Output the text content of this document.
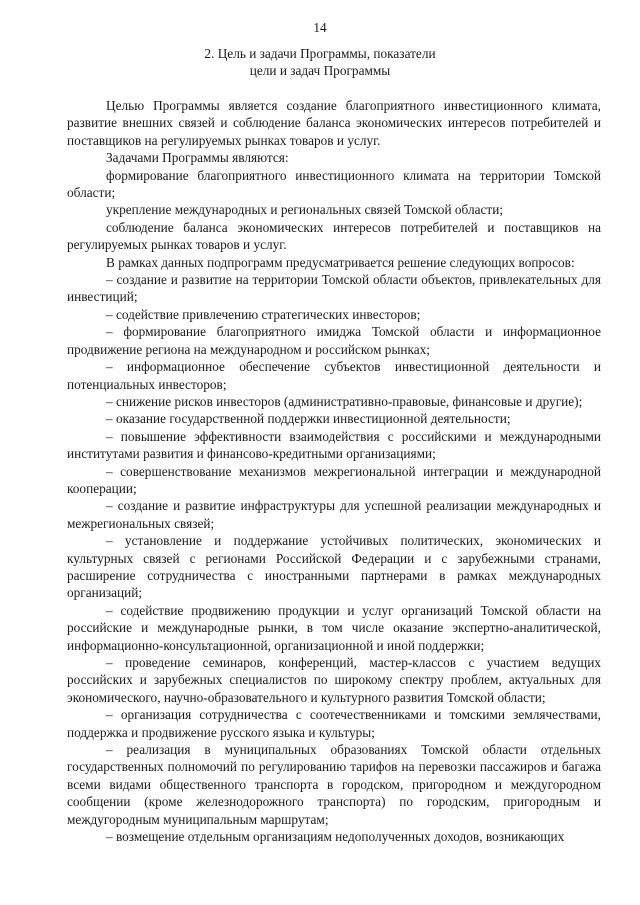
14
2. Цель и задачи Программы, показатели
цели и задач Программы

Целью Программы является создание благоприятного инвестиционного климата, развитие внешних связей и соблюдение баланса экономических интересов потребителей и поставщиков на регулируемых рынках товаров и услуг.

Задачами Программы являются:

формирование благоприятного инвестиционного климата на территории Томской области;

укрепление международных и региональных связей Томской области;

соблюдение баланса экономических интересов потребителей и поставщиков на регулируемых рынках товаров и услуг.

В рамках данных подпрограмм предусматривается решение следующих вопросов:

– создание и развитие на территории Томской области объектов, привлекательных для инвестиций;

– содействие привлечению стратегических инвесторов;

– формирование благоприятного имиджа Томской области и информационное продвижение региона на международном и российском рынках;

– информационное обеспечение субъектов инвестиционной деятельности и потенциальных инвесторов;

– снижение рисков инвесторов (административно-правовые, финансовые и другие);

– оказание государственной поддержки инвестиционной деятельности;

– повышение эффективности взаимодействия с российскими и международными институтами развития и финансово-кредитными организациями;

– совершенствование механизмов межрегиональной интеграции и международной кооперации;

– создание и развитие инфраструктуры для успешной реализации международных и межрегиональных связей;

– установление и поддержание устойчивых политических, экономических и культурных связей с регионами Российской Федерации и с зарубежными странами, расширение сотрудничества с иностранными партнерами в рамках международных организаций;

– содействие продвижению продукции и услуг организаций Томской области на российские и международные рынки, в том числе оказание экспертно-аналитической, информационно-консультационной, организационной и иной поддержки;

– проведение семинаров, конференций, мастер-классов с участием ведущих российских и зарубежных специалистов по широкому спектру проблем, актуальных для экономического, научно-образовательного и культурного развития Томской области;

– организация сотрудничества с соотечественниками и томскими землячествами, поддержка и продвижение русского языка и культуры;

– реализация в муниципальных образованиях Томской области отдельных государственных полномочий по регулированию тарифов на перевозки пассажиров и багажа всеми видами общественного транспорта в городском, пригородном и междугородном сообщении (кроме железнодорожного транспорта) по городским, пригородным и междугородным муниципальным маршрутам;

– возмещение отдельным организациям недополученных доходов, возникающих
